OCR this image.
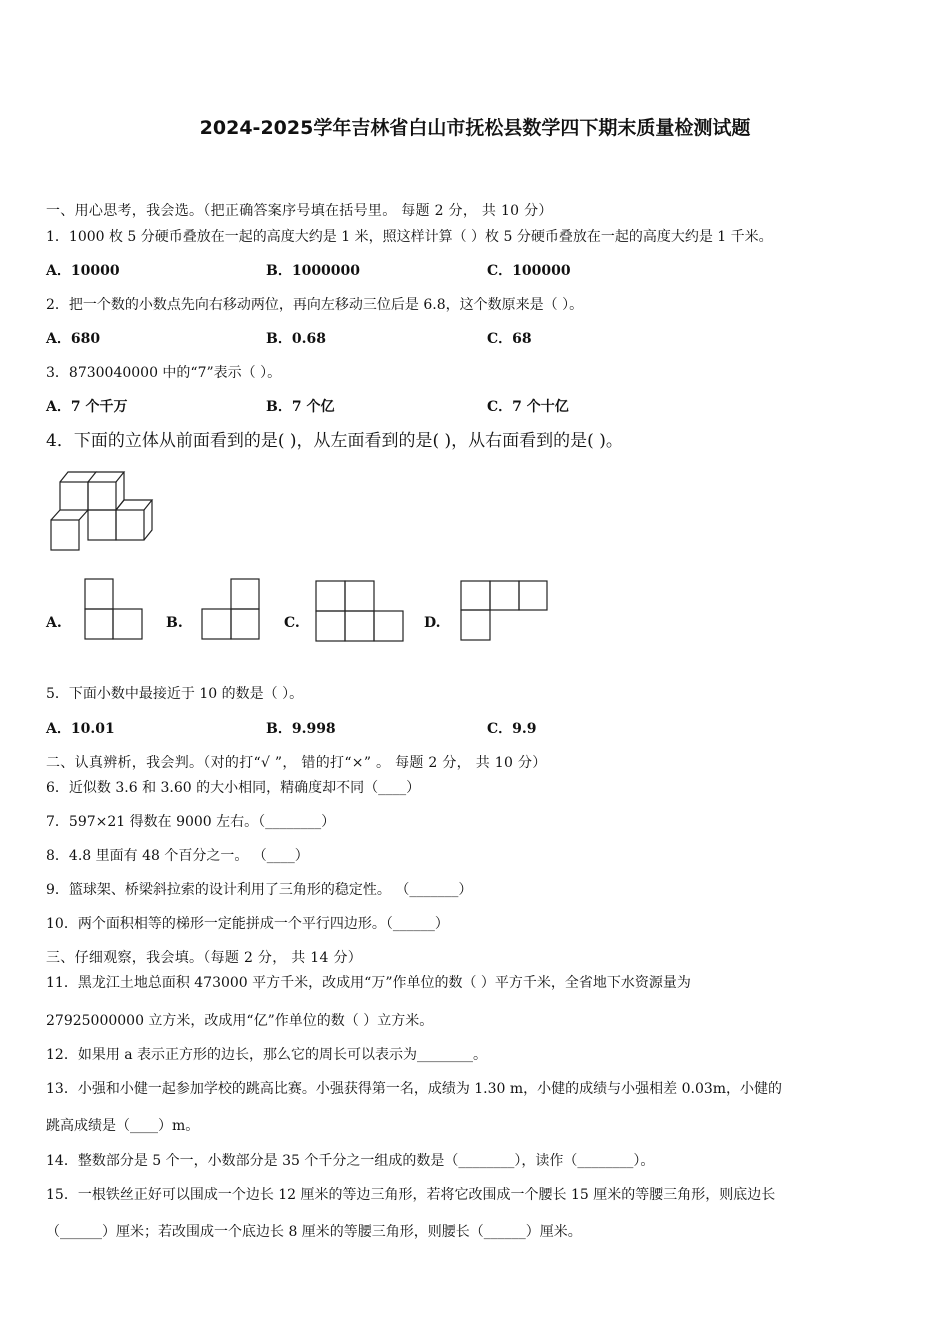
2024-2025学年吉林省白山市抚松县数学四下期末质量检测试题
一、用心思考，我会选。（把正确答案序号填在括号里。 每题 2 分， 共 10 分）
1．1000 枚 5 分硬币叠放在一起的高度大约是 1 米，照这样计算（ ）枚 5 分硬币叠放在一起的高度大约是 1 千米。
A．10000	B．1000000	C．100000
2．把一个数的小数点先向右移动两位，再向左移动三位后是 6.8，这个数原来是（ ）。
A．680	B．0.68	C．68
3．8730040000 中的“7”表示（ ）。
A．7 个千万	B．7 个亿	C．7 个十亿
4．下面的立体从前面看到的是( )，从左面看到的是( )，从右面看到的是( )。
A.	B.	C.	D.
5．下面小数中最接近于 10 的数是（ ）。
A．10.01	B．9.998	C．9.9
二、认真辨析，我会判。（对的打“√ ”， 错的打“×” 。 每题 2 分， 共 10 分）
6．近似数 3.6 和 3.60 的大小相同，精确度却不同（____）
7．597×21 得数在 9000 左右。（________）
8．4.8 里面有 48 个百分之一。 （____）
9．篮球架、桥梁斜拉索的设计利用了三角形的稳定性。 （_______）
10．两个面积相等的梯形一定能拼成一个平行四边形。（______）
三、仔细观察，我会填。（每题 2 分， 共 14 分）
11．黑龙江土地总面积 473000 平方千米，改成用“万”作单位的数（ ）平方千米，全省地下水资源量为
27925000000 立方米，改成用“亿”作单位的数（ ）立方米。
12．如果用 a 表示正方形的边长，那么它的周长可以表示为________。
13．小强和小健一起参加学校的跳高比赛。小强获得第一名，成绩为 1.30 m，小健的成绩与小强相差 0.03m，小健的
跳高成绩是（____）m。
14．整数部分是 5 个一，小数部分是 35 个千分之一组成的数是（________），读作（________）。
15．一根铁丝正好可以围成一个边长 12 厘米的等边三角形，若将它改围成一个腰长 15 厘米的等腰三角形，则底边长
（______）厘米；若改围成一个底边长 8 厘米的等腰三角形，则腰长（______）厘米。
